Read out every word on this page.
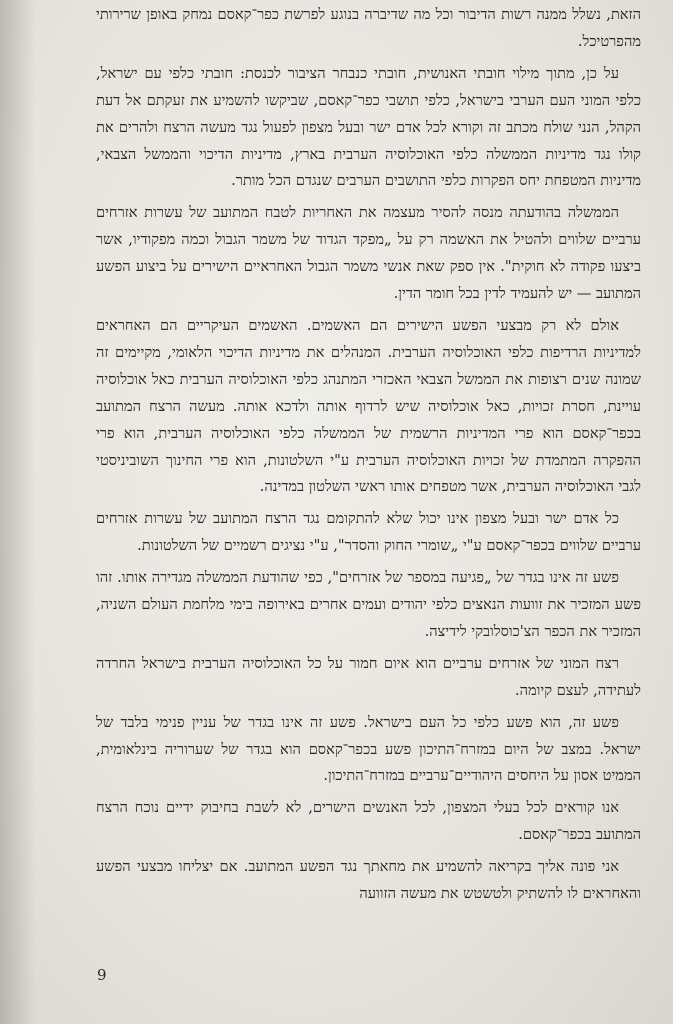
הזאת, נשלל ממנה רשות הדיבור וכל מה שדיברה בנוגע לפרשת כפר־קאסם נמחק באופן שרירותי מהפרטיכל.

על כן, מתוך מילוי חובתי האנושית, חובתי כנבחר הציבור לכנסת: חובתי כלפי עם ישראל, כלפי המוני העם הערבי בישראל, כלפי תושבי כפר־קאסם, שביקשו להשמיע את זעקתם אל דעת הקהל, הנני שולח מכתב זה וקורא לכל אדם ישר ובעל מצפון לפעול נגד מעשה הרצח ולהרים את קולו נגד מדיניות הממשלה כלפי האוכלוסיה הערבית בארץ, מדיניות הדיכוי והממשל הצבאי, מדיניות המטפחת יחס הפקרות כלפי התושבים הערבים שנגדם הכל מותר.

הממשלה בהודעתה מנסה להסיר מעצמה את האחריות לטבח המתועב של עשרות אזרחים ערביים שלווים ולהטיל את האשמה רק על „מפקד הגדוד של משמר הגבול וכמה מפקודיו, אשר ביצעו פקודה לא חוקית". אין ספק שאת אנשי משמר הגבול האחראיים הישירים על ביצוע הפשע המתועב — יש להעמיד לדין בכל חומר הדין.

אולם לא רק מבצעי הפשע הישירים הם האשמים. האשמים העיקריים הם האחראים למדיניות הרדיפות כלפי האוכלוסיה הערבית. המנהלים את מדיניות הדיכוי הלאומי, מקיימים זה שמונה שנים רצופות את הממשל הצבאי האכזרי המתנהג כלפי האוכלוסיה הערבית כאל אוכלוסיה עויינת, חסרת זכויות, כאל אוכלוסיה שיש לרדוף אותה ולדכא אותה. מעשה הרצח המתועב בכפר־קאסם הוא פרי המדיניות הרשמית של הממשלה כלפי האוכלוסיה הערבית, הוא פרי ההפקרה המתמדת של זכויות האוכלוסיה הערבית ע"י השלטונות, הוא פרי החינוך השוביניסטי לגבי האוכלוסיה הערבית, אשר מטפחים אותו ראשי השלטון במדינה.

כל אדם ישר ובעל מצפון אינו יכול שלא להתקומם נגד הרצח המתועב של עשרות אזרחים ערביים שלווים בכפר־קאסם ע"י „שומרי החוק והסדר", ע"י נציגים רשמיים של השלטונות.

פשע זה אינו בגדר של „פגיעה במספר של אזרחים", כפי שהודעת הממשלה מגדירה אותו. זהו פשע המזכיר את זוועות הנאצים כלפי יהודים ועמים אחרים באירופה בימי מלחמת העולם השניה, המזכיר את הכפר הצ'כוסלובקי לידיצה.

רצח המוני של אזרחים ערביים הוא איום חמור על כל האוכלוסיה הערבית בישראל החרדה לעתידה, לעצם קיומה.

פשע זה, הוא פשע כלפי כל העם בישראל. פשע זה אינו בגדר של עניין פנימי בלבד של ישראל. במצב של היום במזרח־התיכון פשע בכפר־קאסם הוא בגדר של שערוריה בינלאומית, הממיט אסון על היחסים היהודיים־ערביים במזרח־התיכון.

אנו קוראים לכל בעלי המצפון, לכל האנשים הישרים, לא לשבת בחיבוק ידיים נוכח הרצח המתועב בכפר־קאסם.

אני פונה אליך בקריאה להשמיע את מחאתך נגד הפשע המתועב. אם יצליחו מבצעי הפשע והאחראים לו להשתיק ולטשטש את מעשה הזוועה

9
